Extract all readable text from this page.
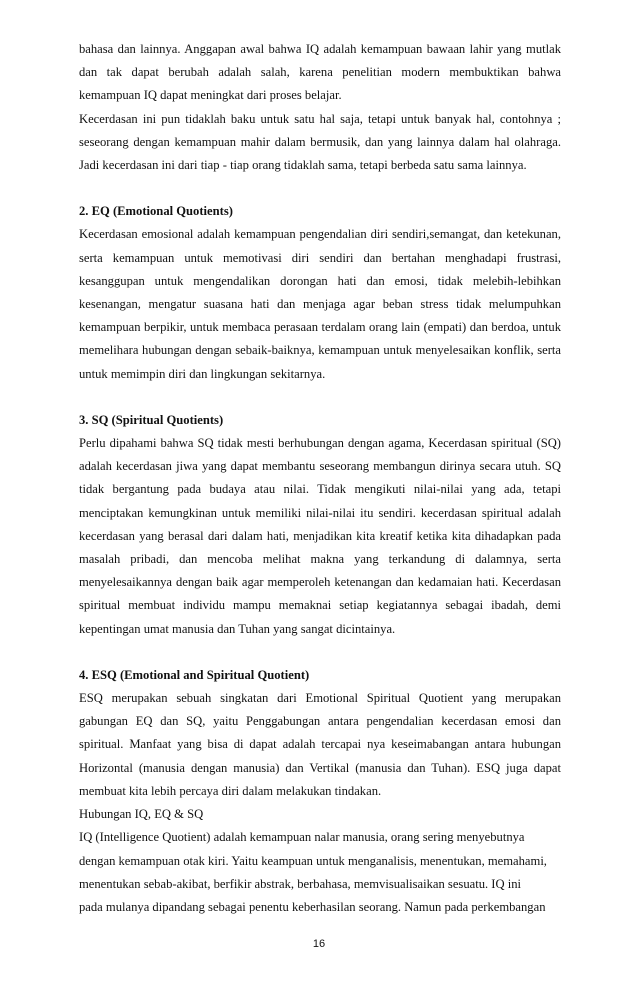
bahasa dan lainnya. Anggapan awal bahwa IQ adalah kemampuan bawaan lahir yang mutlak dan tak dapat berubah adalah salah, karena penelitian modern membuktikan bahwa kemampuan IQ dapat meningkat dari proses belajar.

Kecerdasan ini pun tidaklah baku untuk satu hal saja, tetapi untuk banyak hal, contohnya ; seseorang dengan kemampuan mahir dalam bermusik, dan yang lainnya dalam hal olahraga. Jadi kecerdasan ini dari tiap - tiap orang tidaklah sama, tetapi berbeda satu sama lainnya.

2. EQ (Emotional Quotients)

Kecerdasan emosional adalah kemampuan pengendalian diri sendiri,semangat, dan ketekunan, serta kemampuan untuk memotivasi diri sendiri dan bertahan menghadapi frustrasi, kesanggupan untuk mengendalikan dorongan hati dan emosi, tidak melebih-lebihkan kesenangan, mengatur suasana hati dan menjaga agar beban stress tidak melumpuhkan kemampuan berpikir, untuk membaca perasaan terdalam orang lain (empati) dan berdoa, untuk memelihara hubungan dengan sebaik-baiknya, kemampuan untuk menyelesaikan konflik, serta untuk memimpin diri dan lingkungan sekitarnya.

3. SQ (Spiritual Quotients)

Perlu dipahami bahwa SQ tidak mesti berhubungan dengan agama, Kecerdasan spiritual (SQ) adalah kecerdasan jiwa yang dapat membantu seseorang membangun dirinya secara utuh. SQ tidak bergantung pada budaya atau nilai. Tidak mengikuti nilai-nilai yang ada, tetapi menciptakan kemungkinan untuk memiliki nilai-nilai itu sendiri. kecerdasan spiritual adalah kecerdasan yang berasal dari dalam hati, menjadikan kita kreatif ketika kita dihadapkan pada masalah pribadi, dan mencoba melihat makna yang terkandung di dalamnya, serta menyelesaikannya dengan baik agar memperoleh ketenangan dan kedamaian hati. Kecerdasan spiritual membuat individu mampu memaknai setiap kegiatannya sebagai ibadah, demi kepentingan umat manusia dan Tuhan yang sangat dicintainya.

4. ESQ (Emotional and Spiritual Quotient)

ESQ merupakan sebuah singkatan dari Emotional Spiritual Quotient yang merupakan gabungan EQ dan SQ, yaitu Penggabungan antara pengendalian kecerdasan emosi dan spiritual. Manfaat yang bisa di dapat adalah tercapai nya keseimabangan antara hubungan Horizontal (manusia dengan manusia) dan Vertikal (manusia dan Tuhan). ESQ juga dapat membuat kita lebih percaya diri dalam melakukan tindakan.

Hubungan IQ, EQ & SQ

IQ (Intelligence Quotient) adalah kemampuan nalar manusia, orang sering menyebutnya

dengan kemampuan otak kiri. Yaitu keampuan untuk menganalisis, menentukan, memahami,

menentukan sebab-akibat, berfikir abstrak, berbahasa, memvisualisaikan sesuatu. IQ ini

pada mulanya dipandang sebagai penentu keberhasilan seorang. Namun pada perkembangan

16
